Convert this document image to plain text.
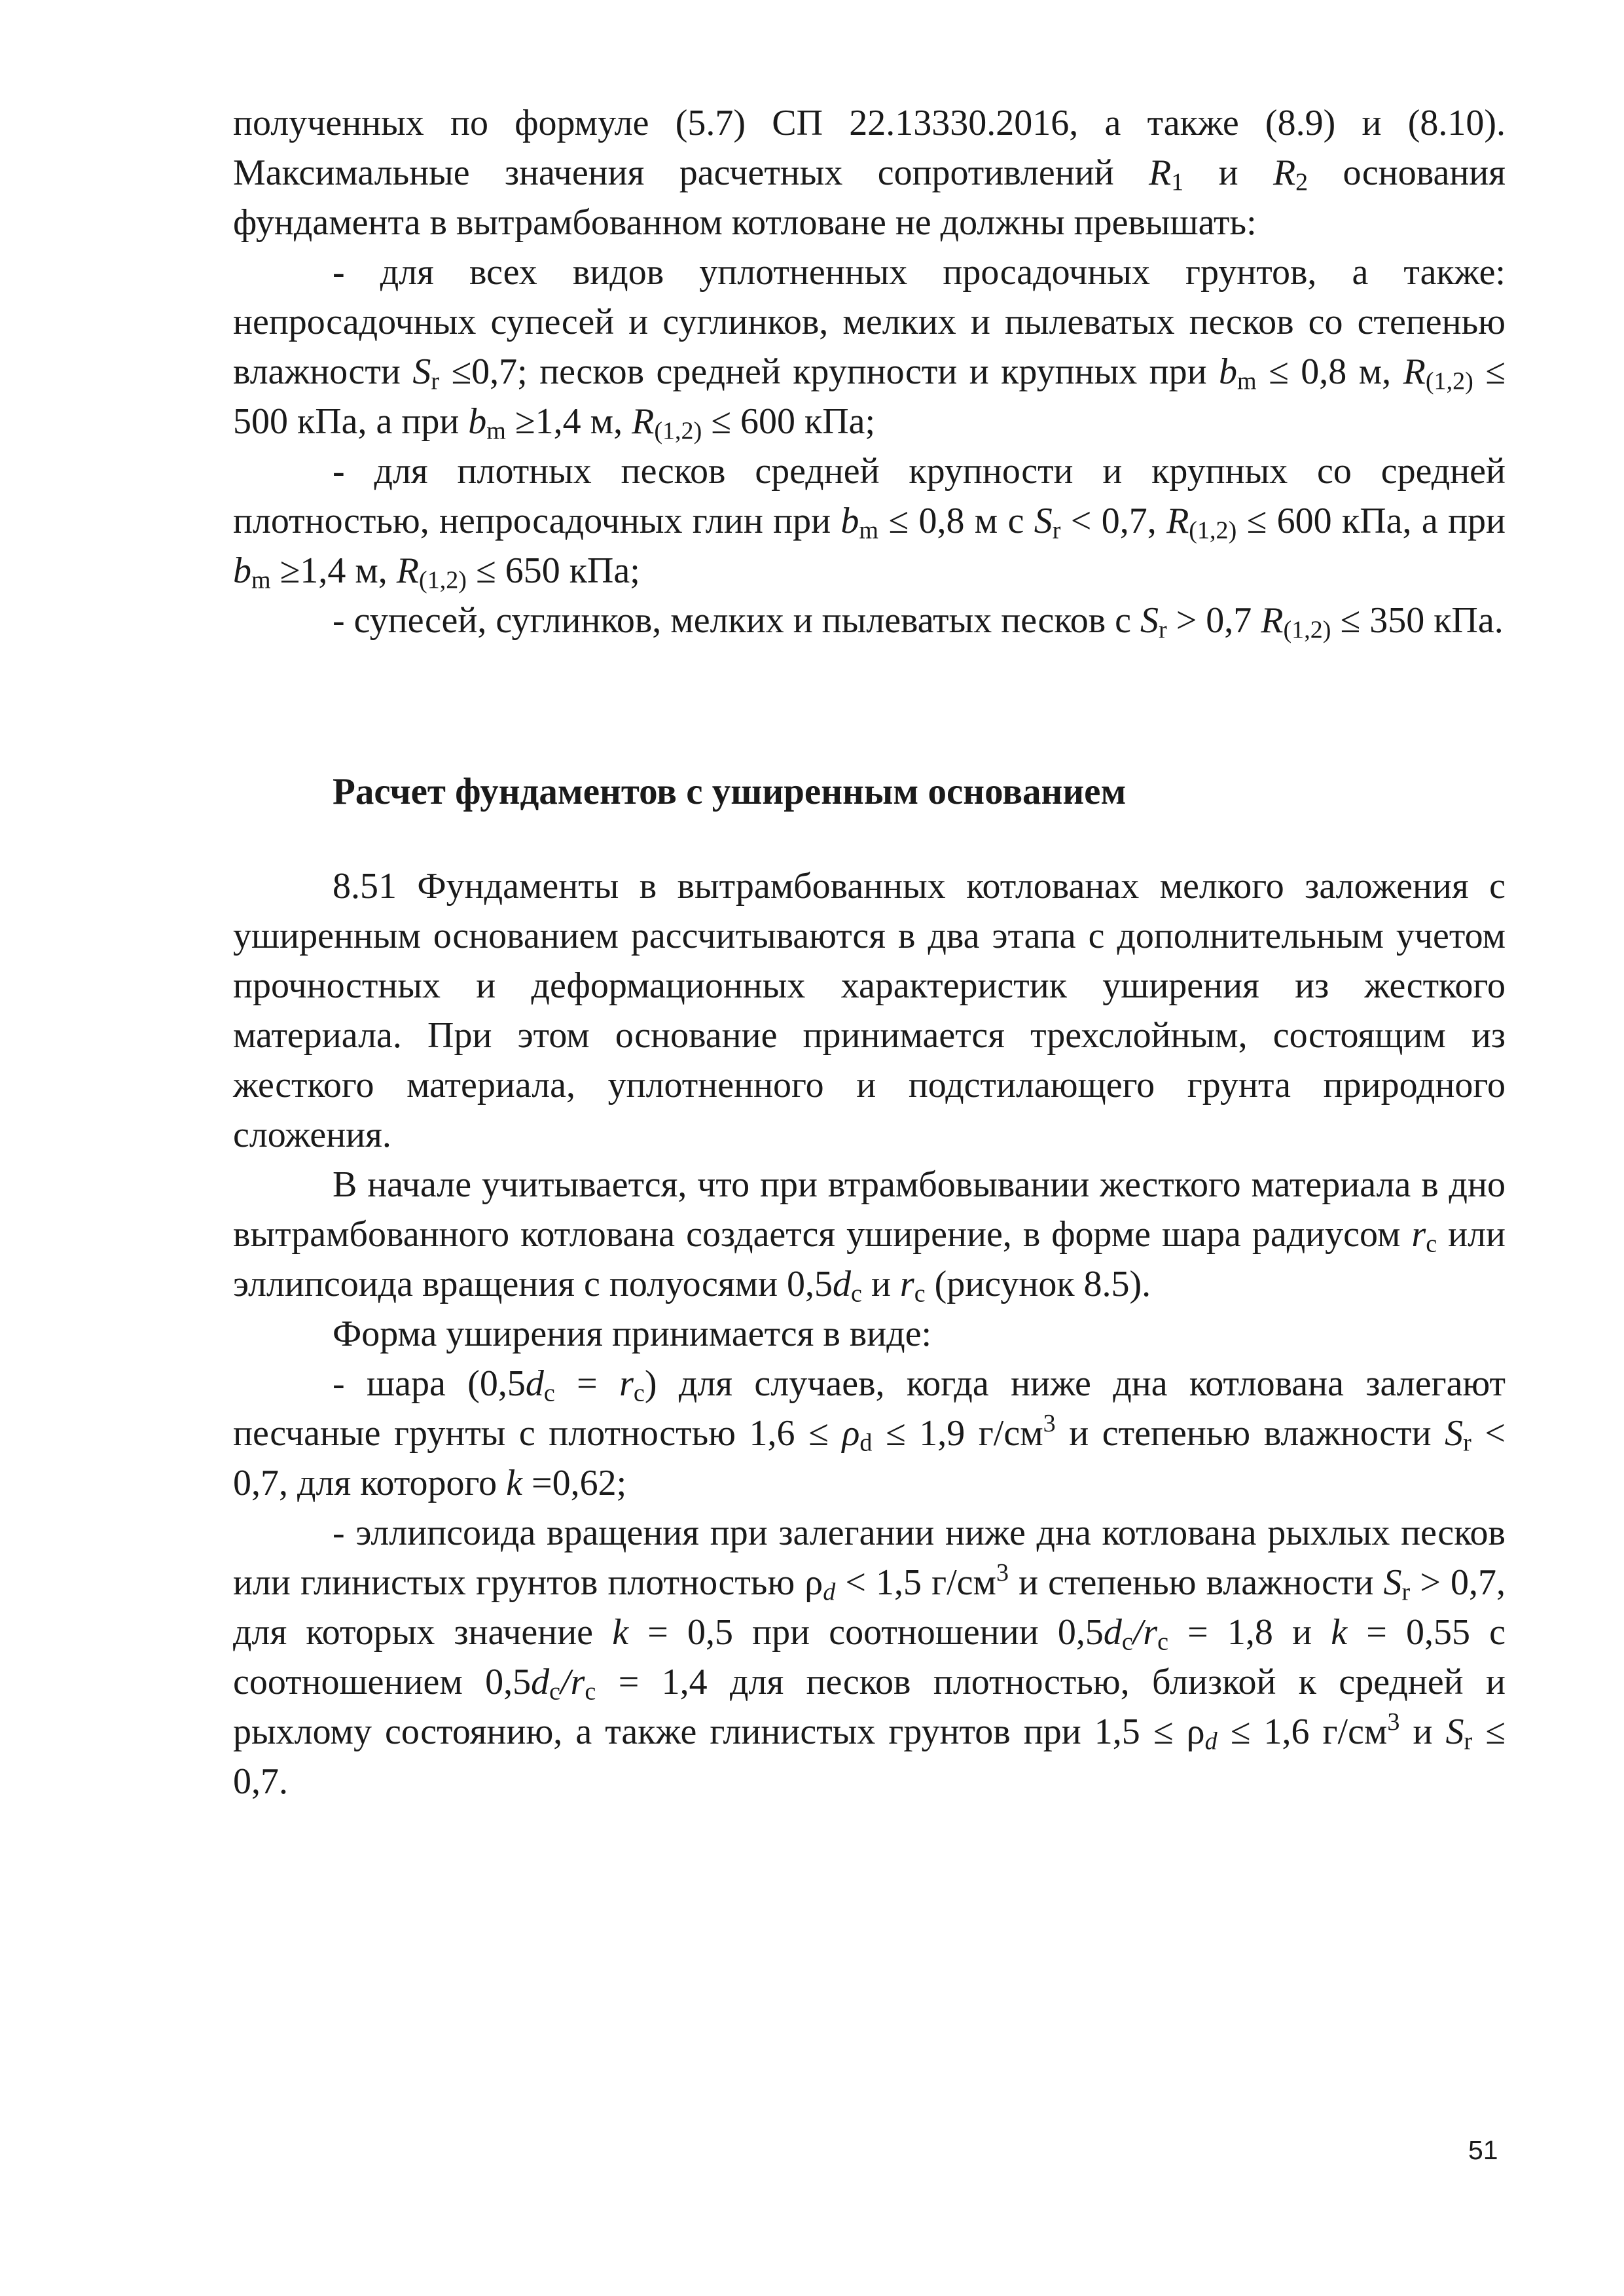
полученных по формуле (5.7) СП 22.13330.2016, а также (8.9) и (8.10). Максимальные значения расчетных сопротивлений $R_1$ и $R_2$ основания фундамента в вытрамбованном котловане не должны превышать:

- для всех видов уплотненных просадочных грунтов, а также: непросадочных супесей и суглинков, мелких и пылеватых песков со степенью влажности $S_r \le 0,7$; песков средней крупности и крупных при $b_m \le 0,8$ м, $R_{(1,2)} \le 500$ кПа, а при $b_m \ge 1,4$ м, $R_{(1,2)} \le 600$ кПа;

- для плотных песков средней крупности и крупных со средней плотностью, непросадочных глин при $b_m \le 0,8$ м с $S_r < 0,7$, $R_{(1,2)} \le 600$ кПа, а при $b_m \ge 1,4$ м, $R_{(1,2)} \le 650$ кПа;

- супесей, суглинков, мелких и пылеватых песков с $S_r > 0,7$ $R_{(1,2)} \le 350$ кПа.

Расчет фундаментов с уширенным основанием

8.51 Фундаменты в вытрамбованных котлованах мелкого заложения с уширенным основанием рассчитываются в два этапа с дополнительным учетом прочностных и деформационных характеристик уширения из жесткого материала. При этом основание принимается трехслойным, состоящим из жесткого материала, уплотненного и подстилающего грунта природного сложения.

В начале учитывается, что при втрамбовывании жесткого материала в дно вытрамбованного котлована создается уширение, в форме шара радиусом $r_c$ или эллипсоида вращения с полуосями $0,5d_c$ и $r_c$ (рисунок 8.5).

Форма уширения принимается в виде:

- шара $(0,5d_c = r_c)$ для случаев, когда ниже дна котлована залегают песчаные грунты с плотностью $1,6 \le \rho_d \le 1,9$ $г/см^3$ и степенью влажности $S_r < 0,7$, для которого k =0,62;

- эллипсоида вращения при залегании ниже дна котлована рыхлых песков или глинистых грунтов плотностью $\rho_d < 1,5$ $г/см^3$ и степенью влажности $S_r > 0,7$, для которых значение k = 0,5 при соотношении $0,5d_c/r_c = 1,8$ и k = 0,55 с соотношением $0,5d_c/r_c = 1,4$ для песков плотностью, близкой к средней и рыхлому состоянию, а также глинистых грунтов при $1,5 \le \rho_d \le 1,6$ $г/см^3$ и $S_r \le 0,7$.

51
